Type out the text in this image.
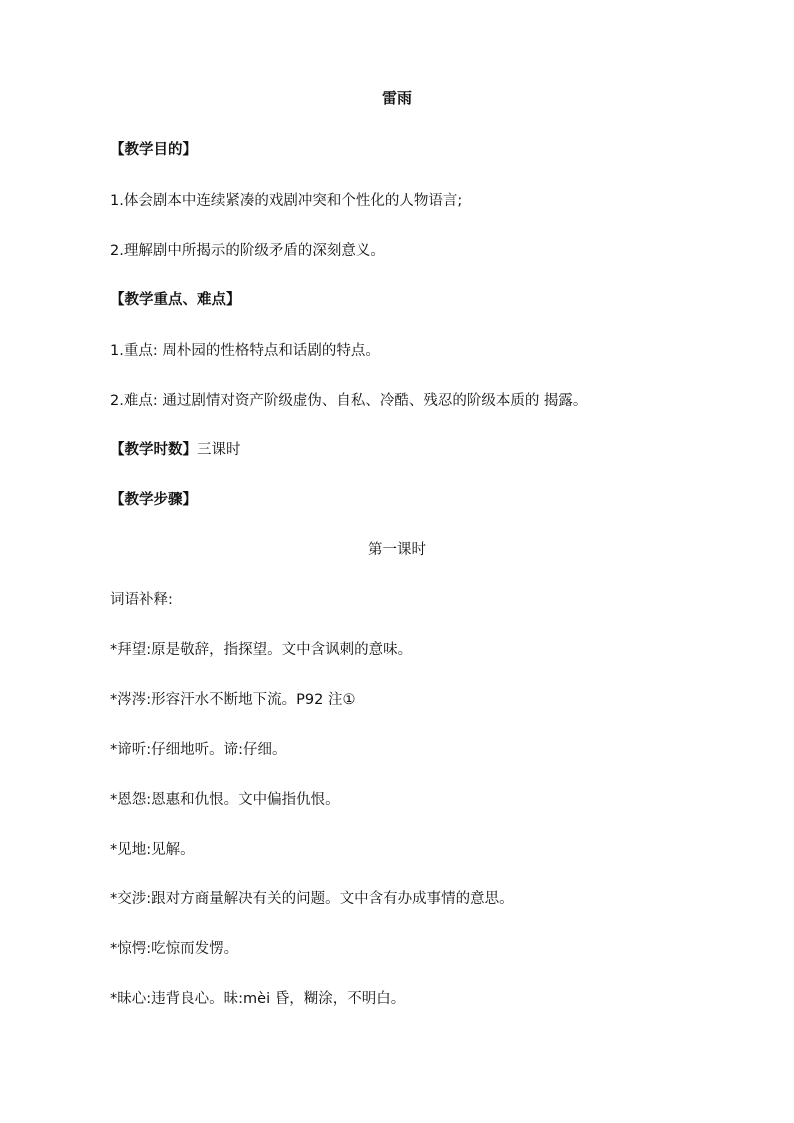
雷雨
【教学目的】
1.体会剧本中连续紧凑的戏剧冲突和个性化的人物语言;
2.理解剧中所揭示的阶级矛盾的深刻意义。
【教学重点、难点】
1.重点: 周朴园的性格特点和话剧的特点。
2.难点: 通过剧情对资产阶级虚伪、自私、冷酷、残忍的阶级本质的 揭露。
【教学时数】三课时
【教学步骤】
第一课时
词语补释:
*拜望:原是敬辞，指探望。文中含讽刺的意味。
*涔涔:形容汗水不断地下流。P92 注①
*谛听:仔细地听。谛:仔细。
*恩怨:恩惠和仇恨。文中偏指仇恨。
*见地:见解。
*交涉:跟对方商量解决有关的问题。文中含有办成事情的意思。
*惊愕:吃惊而发愣。
*昧心:违背良心。昧:mèi 昏，糊涂，不明白。
